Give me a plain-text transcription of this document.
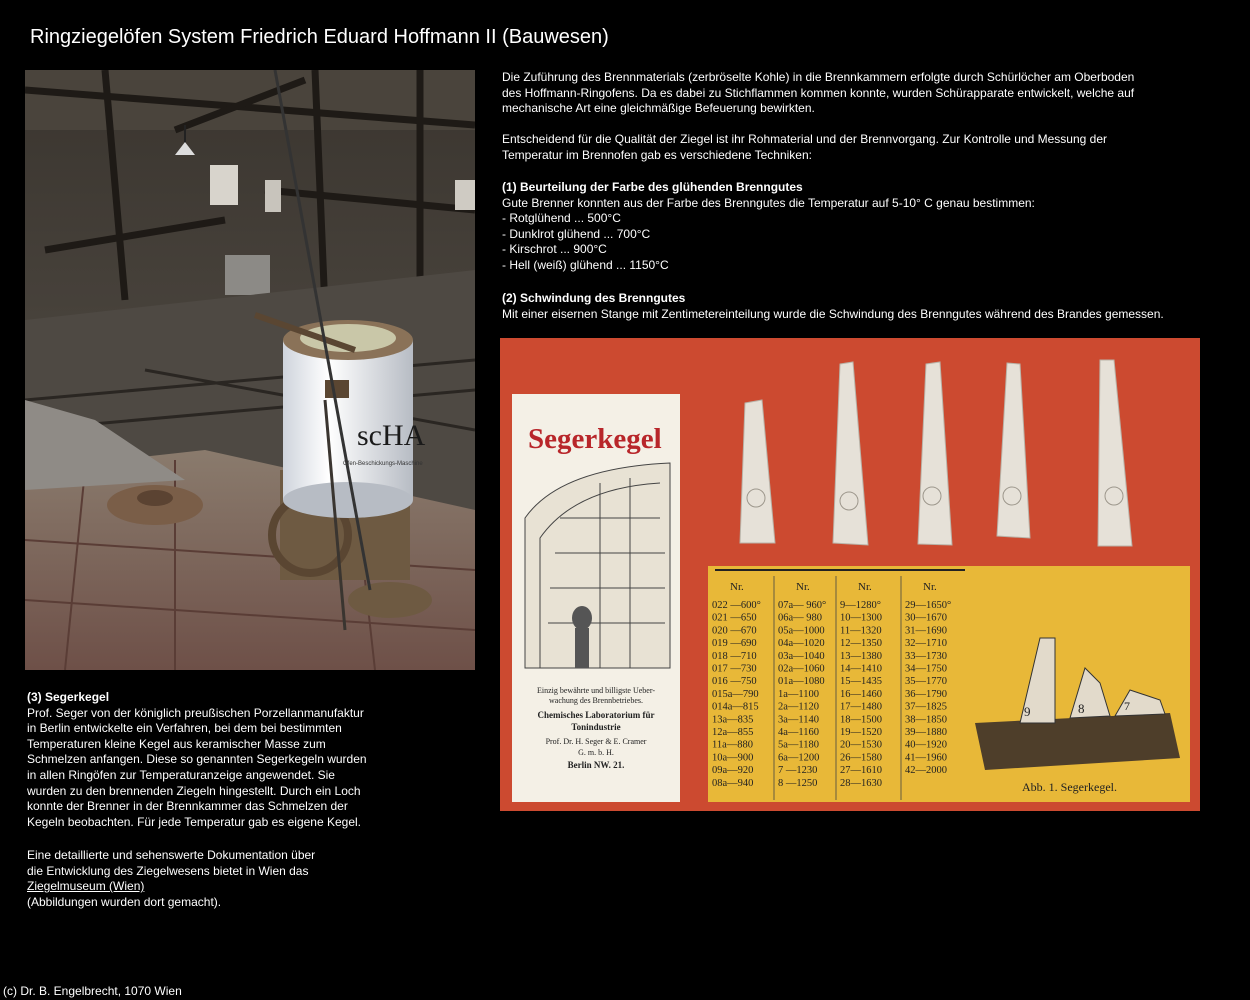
Ringziegelöfen System Friedrich Eduard Hoffmann II (Bauwesen)
scHA
Ofen-Beschickungs-Maschine
Die Zuführung des Brennmaterials (zerbröselte Kohle) in die Brennkammern erfolgte durch Schürlöcher am Oberboden
des Hoffmann-Ringofens. Da es dabei zu Stichflammen kommen konnte, wurden Schürapparate entwickelt, welche auf
mechanische Art eine gleichmäßige Befeuerung bewirkten.
Entscheidend für die Qualität der Ziegel ist ihr Rohmaterial und der Brennvorgang. Zur Kontrolle und Messung der
Temperatur im Brennofen gab es verschiedene Techniken:
(1) Beurteilung der Farbe des glühenden Brenngutes
Gute Brenner konnten aus der Farbe des Brenngutes die Temperatur auf 5-10° C genau bestimmen:
- Rotglühend ... 500°C
- Dunklrot glühend ... 700°C
- Kirschrot ... 900°C
- Hell (weiß) glühend ... 1150°C
(2) Schwindung des Brenngutes
Mit einer eisernen Stange mit Zentimetereinteilung wurde die Schwindung des Brenngutes während des Brandes gemessen.
Segerkegel
Einzig bewährte und billigste Ueber-
wachung des Brennbetriebes.
Chemisches Laboratorium für
Tonindustrie
Prof. Dr. H. Seger & E. Cramer
G. m. b. H.
Berlin NW. 21.
Nr.
022 —600°
021 —650
020 —670
019 —690
018 —710
017 —730
016 —750
015a—790
014a—815
13a—835
12a—855
11a—880
10a—900
09a—920
08a—940
Nr.
07a— 960°
06a— 980
05a—1000
04a—1020
03a—1040
02a—1060
01a—1080
1a—1100
2a—1120
3a—1140
4a—1160
5a—1180
6a—1200
7 —1230
8 —1250
Nr.
9—1280°
10—1300
11—1320
12—1350
13—1380
14—1410
15—1435
16—1460
17—1480
18—1500
19—1520
20—1530
26—1580
27—1610
28—1630
Nr.
29—1650°
30—1670
31—1690
32—1710
33—1730
34—1750
35—1770
36—1790
37—1825
38—1850
39—1880
40—1920
41—1960
42—2000
9	8	7
Abb. 1. Segerkegel.
(3) Segerkegel
Prof. Seger von der königlich preußischen Porzellanmanufaktur
in Berlin entwickelte ein Verfahren, bei dem bei bestimmten
Temperaturen kleine Kegel aus keramischer Masse zum
Schmelzen anfangen. Diese so genannten Segerkegeln wurden
in allen Ringöfen zur Temperaturanzeige angewendet. Sie
wurden zu den brennenden Ziegeln hingestellt. Durch ein Loch
konnte der Brenner in der Brennkammer das Schmelzen der
Kegeln beobachten. Für jede Temperatur gab es eigene Kegel.
Eine detaillierte und sehenswerte Dokumentation über
die Entwicklung des Ziegelwesens bietet in Wien das
Ziegelmuseum (Wien)
(Abbildungen wurden dort gemacht).
(c) Dr. B. Engelbrecht, 1070 Wien
